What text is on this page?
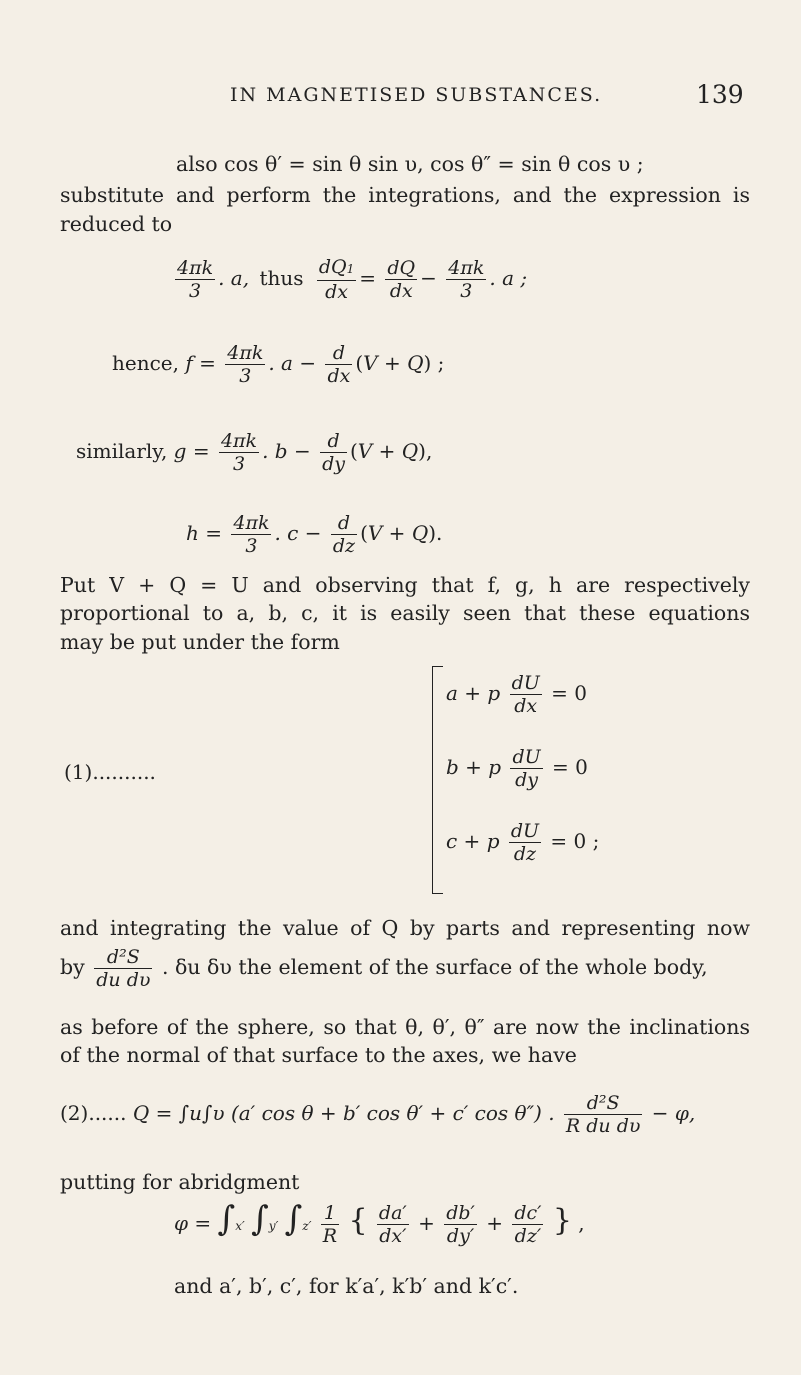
IN MAGNETISED SUBSTANCES.	139
also cos θ′ = sin θ sin υ, cos θ″ = sin θ cos υ ;
substitute and perform the integrations, and the expression is
reduced to
$\frac{4\pi k}{3}$ . a, thus $\frac{dQ1}{dx} = \frac{dQ}{dx} - \frac{4\pi k}{3}$ . a ;
hence, $f = \frac{4\pi k}{3}$ . $a - \frac{d}{dx} (V + Q)$ ;
similarly, $g = \frac{4\pi k}{3}$ . $b - \frac{d}{dy} (V + Q)$,
$h = \frac{4\pi k}{3}$ . $c - \frac{d}{dz} (V + Q)$.
Put V + Q = U and observing that f, g, h are respectively
proportional to a, b, c, it is easily seen that these equations
may be put under the form
(1)..........
a + p $\frac{dU}{dx} = 0$
b + p $\frac{dU}{dy} = 0$
c + p $\frac{dU}{dz} = 0$ ;
and integrating the value of Q by parts and representing now
by $\frac{\text{d²S}}{\text{du dυ}}$ . δu δυ the element of the surface of the whole body,
as before of the sphere, so that θ, θ′, θ″ are now the inclinations
of the normal of that surface to the axes, we have
(2)...... Q = ∫u∫υ (a′ cos θ + b′ cos θ′ + c′ cos θ″) . $\frac{\text{d²S}}{\text{R du dυ}} - \varphi$,
putting for abridgment
φ = ∫x′ ∫y′ $\int z' \frac{1}{R}$ { $\frac{da'}{dx'} + \frac{db'}{dy'} + \frac{dc'}{dz'}$ } ,
and a′, b′, c′, for k′a′, k′b′ and k′c′.
